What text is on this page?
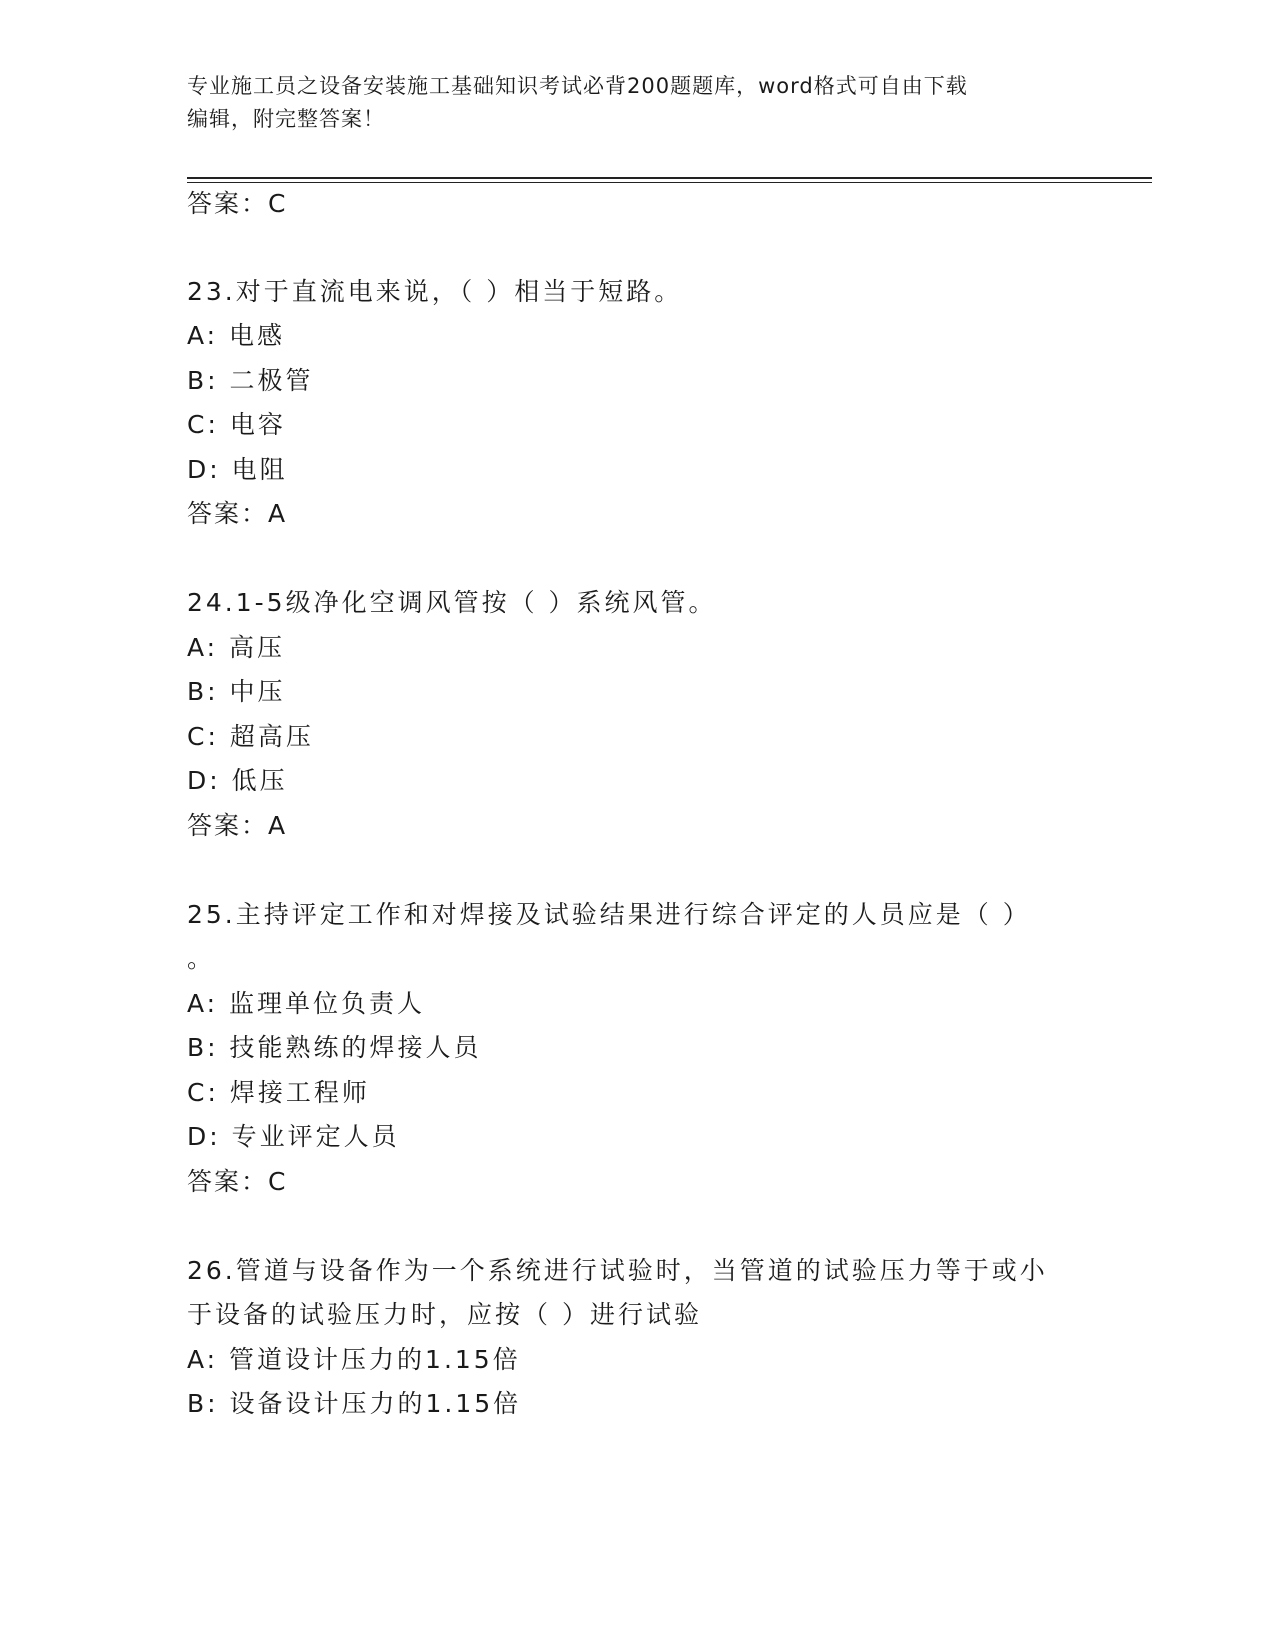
专业施工员之设备安装施工基础知识考试必背200题题库，word格式可自由下载
编辑，附完整答案！
答案：C
23.对于直流电来说，（ ）相当于短路。
A: 电感
B: 二极管
C: 电容
D: 电阻
答案：A
24.1-5级净化空调风管按（ ）系统风管。
A: 高压
B: 中压
C: 超高压
D: 低压
答案：A
25.主持评定工作和对焊接及试验结果进行综合评定的人员应是（ ）
。
A: 监理单位负责人
B: 技能熟练的焊接人员
C: 焊接工程师
D: 专业评定人员
答案：C
26.管道与设备作为一个系统进行试验时，当管道的试验压力等于或小
于设备的试验压力时，应按（ ）进行试验
A: 管道设计压力的1.15倍
B: 设备设计压力的1.15倍
